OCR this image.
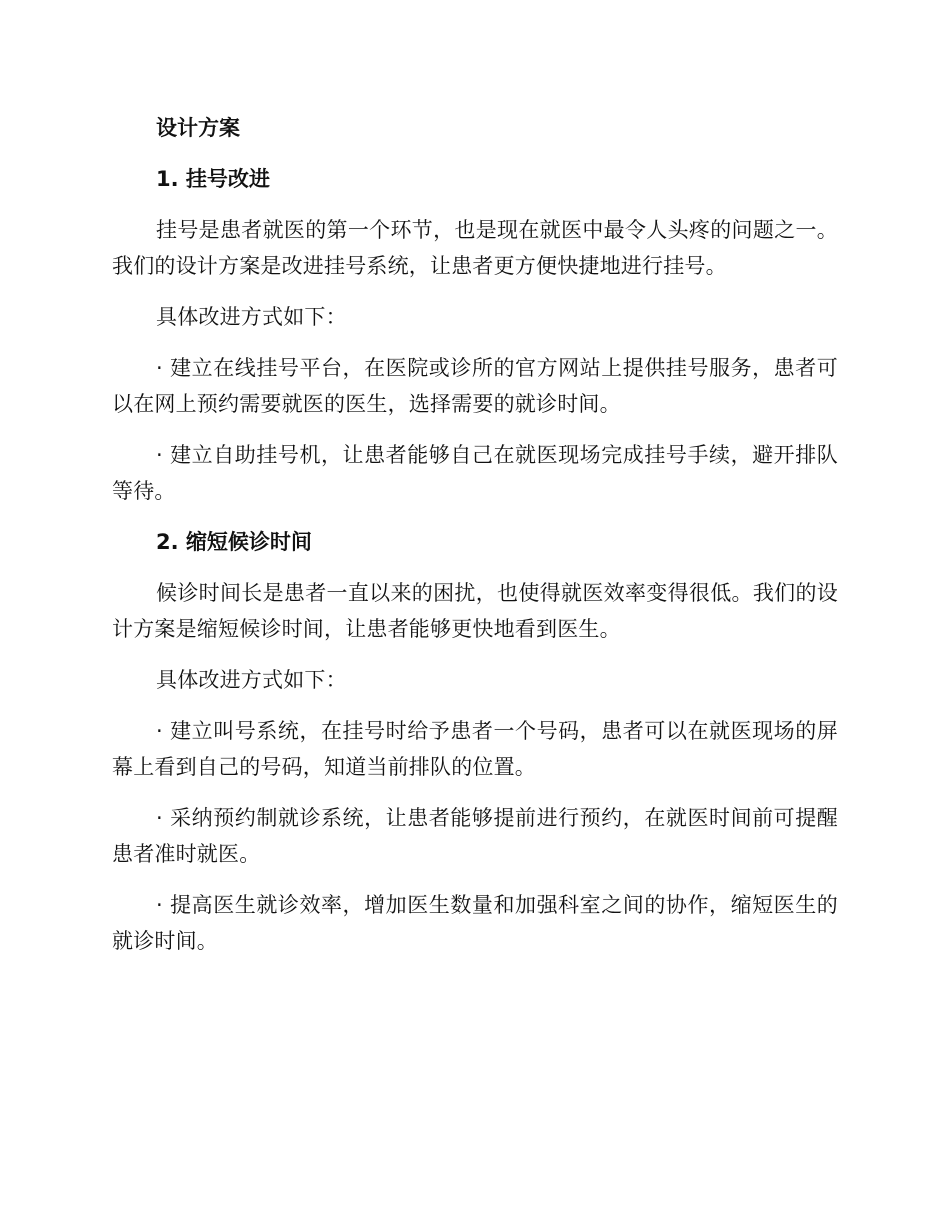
设计方案
1. 挂号改进
挂号是患者就医的第一个环节，也是现在就医中最令人头疼的问题之一。我们的设计方案是改进挂号系统，让患者更方便快捷地进行挂号。
具体改进方式如下：
· 建立在线挂号平台，在医院或诊所的官方网站上提供挂号服务，患者可以在网上预约需要就医的医生，选择需要的就诊时间。
· 建立自助挂号机，让患者能够自己在就医现场完成挂号手续，避开排队等待。
2. 缩短候诊时间
候诊时间长是患者一直以来的困扰，也使得就医效率变得很低。我们的设计方案是缩短候诊时间，让患者能够更快地看到医生。
具体改进方式如下：
· 建立叫号系统，在挂号时给予患者一个号码，患者可以在就医现场的屏幕上看到自己的号码，知道当前排队的位置。
· 采纳预约制就诊系统，让患者能够提前进行预约，在就医时间前可提醒患者准时就医。
· 提高医生就诊效率，增加医生数量和加强科室之间的协作，缩短医生的就诊时间。
